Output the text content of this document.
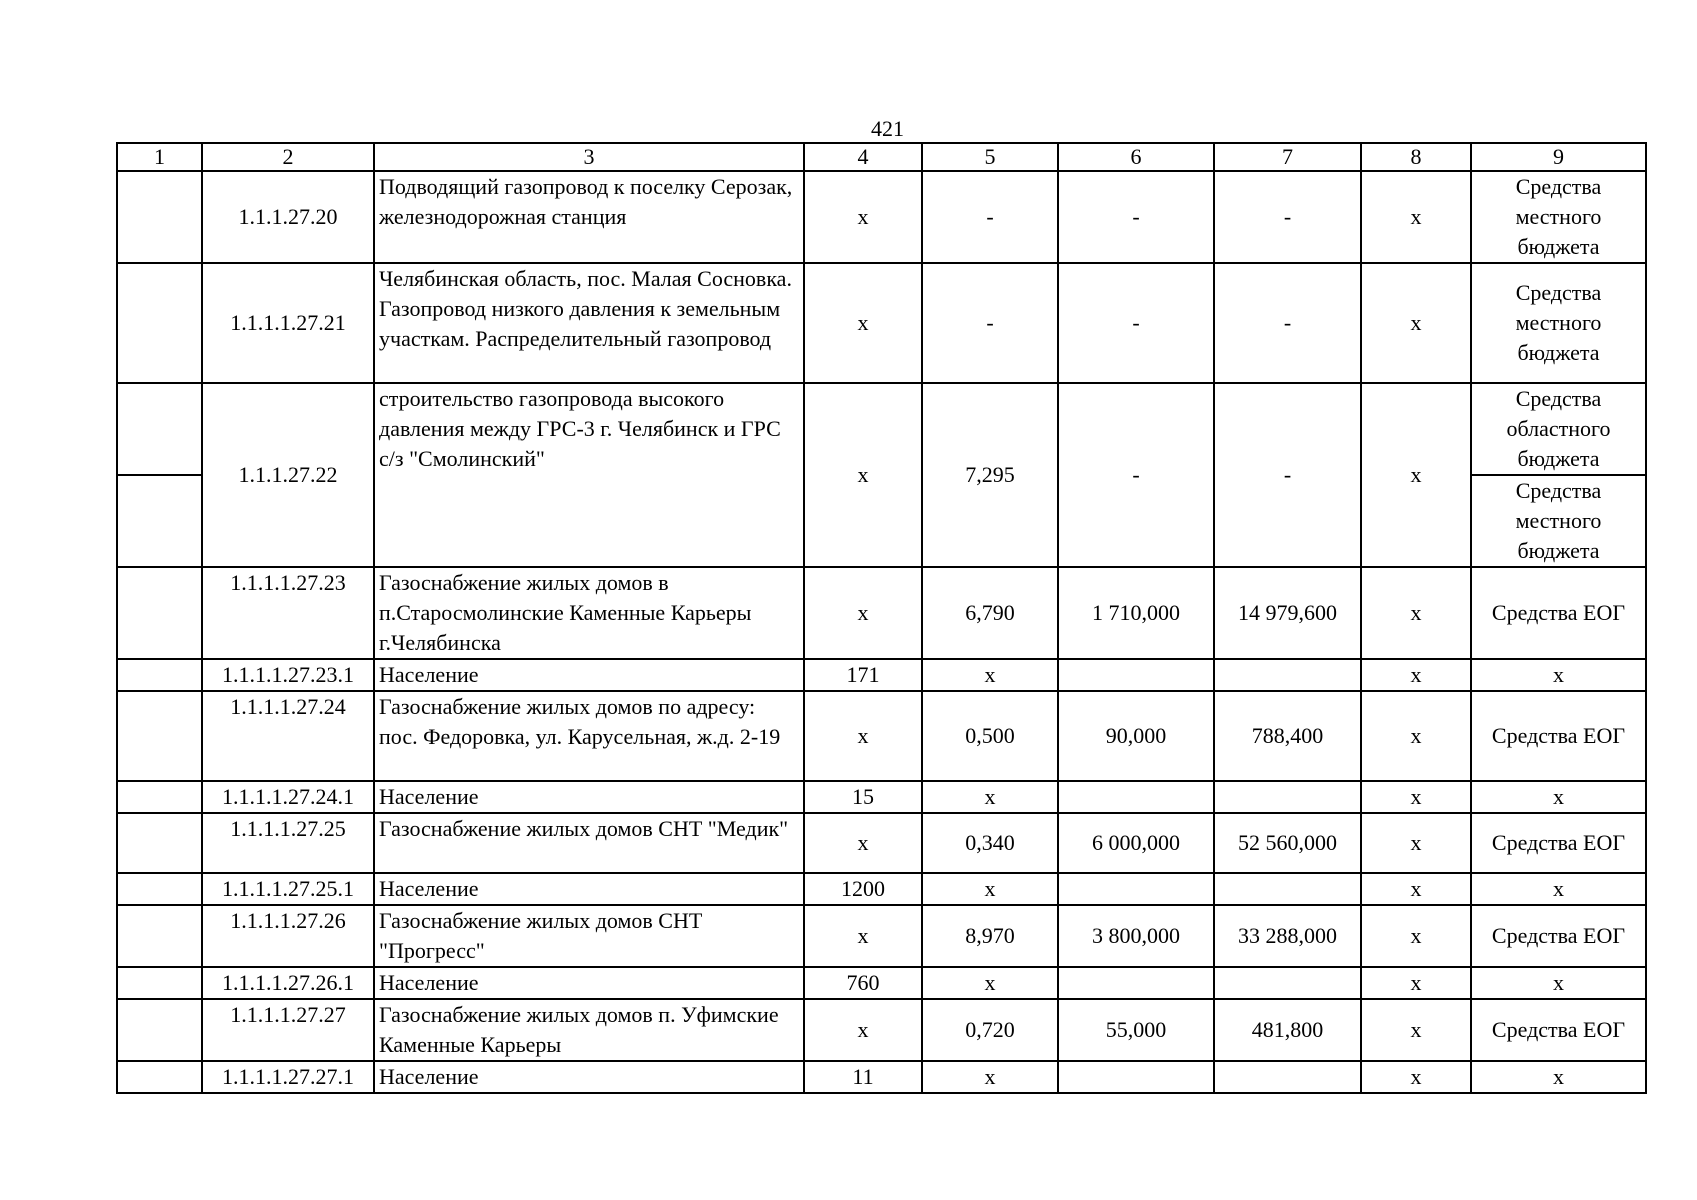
421
1	2	3	4	5	6	7	8	9
	1.1.1.27.20	Подводящий газопровод к поселку Серозак, железнодорожная станция	х	-	-	-	х	Средства местного бюджета
	1.1.1.1.27.21	Челябинская область, пос. Малая Сосновка. Газопровод низкого давления к земельным участкам. Распределительный газопровод	х	-	-	-	х	Средства местного бюджета
	1.1.1.27.22	строительство газопровода высокого давления между ГРС-3 г. Челябинск и ГРС с/з "Смолинский"	х	7,295	-	-	х	Средства областного бюджета
								Средства местного бюджета
	1.1.1.1.27.23	Газоснабжение жилых домов в п.Старосмолинские Каменные Карьеры г.Челябинска	х	6,790	1 710,000	14 979,600	х	Средства ЕОГ
	1.1.1.1.27.23.1	Население	171	х			х	х
	1.1.1.1.27.24	Газоснабжение жилых домов по адресу: пос. Федоровка, ул. Карусельная, ж.д. 2-19	х	0,500	90,000	788,400	х	Средства ЕОГ
	1.1.1.1.27.24.1	Население	15	х			х	х
	1.1.1.1.27.25	Газоснабжение жилых домов СНТ "Медик"	х	0,340	6 000,000	52 560,000	х	Средства ЕОГ
	1.1.1.1.27.25.1	Население	1200	х			х	х
	1.1.1.1.27.26	Газоснабжение жилых домов СНТ "Прогресс"	х	8,970	3 800,000	33 288,000	х	Средства ЕОГ
	1.1.1.1.27.26.1	Население	760	х			х	х
	1.1.1.1.27.27	Газоснабжение жилых домов п. Уфимские Каменные Карьеры	х	0,720	55,000	481,800	х	Средства ЕОГ
	1.1.1.1.27.27.1	Население	11	х			х	х
